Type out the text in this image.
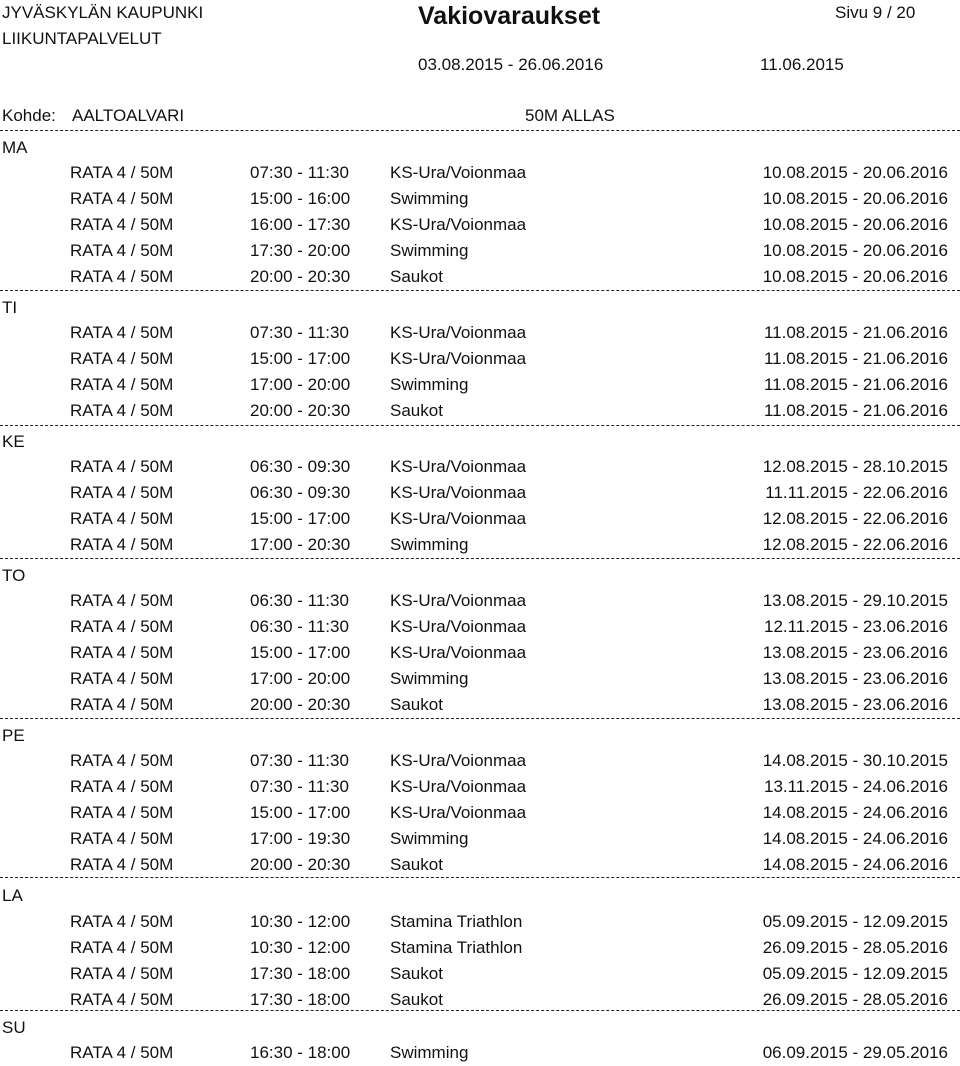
JYVÄSKYLÄN KAUPUNKI
LIIKUNTAPALVELUT
Vakiovaraukset	Sivu 9 / 20
03.08.2015 - 26.06.2016	11.06.2015
Kohde: AALTOALVARI	50M ALLAS
MA
RATA 4 / 50M	07:30 - 11:30 KS-Ura/Voionmaa	10.08.2015 - 20.06.2016
RATA 4 / 50M	15:00 - 16:00 Swimming	10.08.2015 - 20.06.2016
RATA 4 / 50M	16:00 - 17:30 KS-Ura/Voionmaa	10.08.2015 - 20.06.2016
RATA 4 / 50M	17:30 - 20:00 Swimming	10.08.2015 - 20.06.2016
RATA 4 / 50M	20:00 - 20:30 Saukot	10.08.2015 - 20.06.2016
TI
RATA 4 / 50M	07:30 - 11:30 KS-Ura/Voionmaa	11.08.2015 - 21.06.2016
RATA 4 / 50M	15:00 - 17:00 KS-Ura/Voionmaa	11.08.2015 - 21.06.2016
RATA 4 / 50M	17:00 - 20:00 Swimming	11.08.2015 - 21.06.2016
RATA 4 / 50M	20:00 - 20:30 Saukot	11.08.2015 - 21.06.2016
KE
RATA 4 / 50M	06:30 - 09:30 KS-Ura/Voionmaa	12.08.2015 - 28.10.2015
RATA 4 / 50M	06:30 - 09:30 KS-Ura/Voionmaa	11.11.2015 - 22.06.2016
RATA 4 / 50M	15:00 - 17:00 KS-Ura/Voionmaa	12.08.2015 - 22.06.2016
RATA 4 / 50M	17:00 - 20:30 Swimming	12.08.2015 - 22.06.2016
TO
RATA 4 / 50M	06:30 - 11:30 KS-Ura/Voionmaa	13.08.2015 - 29.10.2015
RATA 4 / 50M	06:30 - 11:30 KS-Ura/Voionmaa	12.11.2015 - 23.06.2016
RATA 4 / 50M	15:00 - 17:00 KS-Ura/Voionmaa	13.08.2015 - 23.06.2016
RATA 4 / 50M	17:00 - 20:00 Swimming	13.08.2015 - 23.06.2016
RATA 4 / 50M	20:00 - 20:30 Saukot	13.08.2015 - 23.06.2016
PE
RATA 4 / 50M	07:30 - 11:30 KS-Ura/Voionmaa	14.08.2015 - 30.10.2015
RATA 4 / 50M	07:30 - 11:30 KS-Ura/Voionmaa	13.11.2015 - 24.06.2016
RATA 4 / 50M	15:00 - 17:00 KS-Ura/Voionmaa	14.08.2015 - 24.06.2016
RATA 4 / 50M	17:00 - 19:30 Swimming	14.08.2015 - 24.06.2016
RATA 4 / 50M	20:00 - 20:30 Saukot	14.08.2015 - 24.06.2016
LA
RATA 4 / 50M	10:30 - 12:00 Stamina Triathlon	05.09.2015 - 12.09.2015
RATA 4 / 50M	10:30 - 12:00 Stamina Triathlon	26.09.2015 - 28.05.2016
RATA 4 / 50M	17:30 - 18:00 Saukot	05.09.2015 - 12.09.2015
RATA 4 / 50M	17:30 - 18:00 Saukot	26.09.2015 - 28.05.2016
SU
RATA 4 / 50M	16:30 - 18:00 Swimming	06.09.2015 - 29.05.2016
